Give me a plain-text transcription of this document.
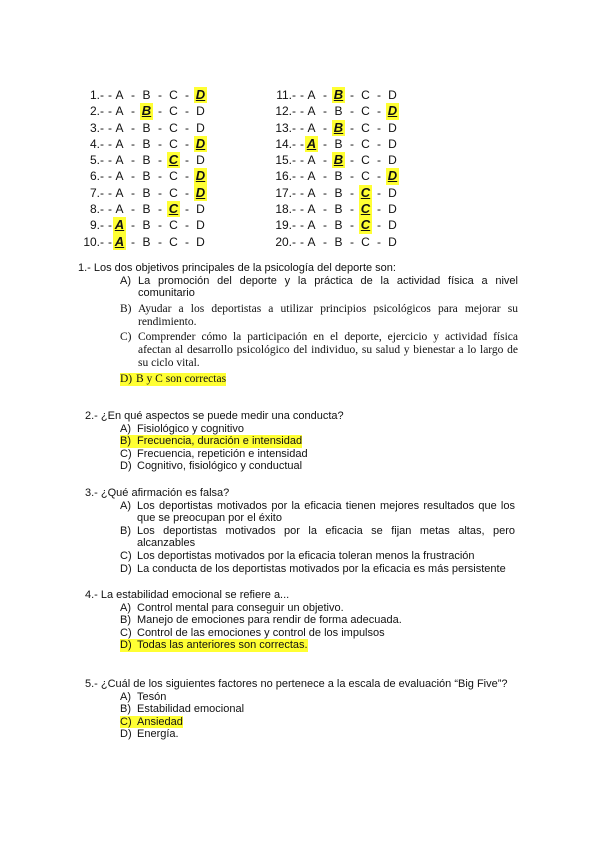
1.- - A - B - C - D
2.- - A - B - C - D
3.- - A - B - C - D
4.- - A - B - C - D
5.- - A - B - C - D
6.- - A - B - C - D
7.- - A - B - C - D
8.- - A - B - C - D
9.- - A - B - C - D
10.- - A - B - C - D
11.- - A - B - C - D
12.- - A - B - C - D
13.- - A - B - C - D
14.- - A - B - C - D
15.- - A - B - C - D
16.- - A - B - C - D
17.- - A - B - C - D
18.- - A - B - C - D
19.- - A - B - C - D
20.- - A - B - C - D
1.- Los dos objetivos principales de la psicología del deporte son:
A) La promoción del deporte y la práctica de la actividad física a nivel comunitario
B) Ayudar a los deportistas a utilizar principios psicológicos para mejorar su rendimiento.
C) Comprender cómo la participación en el deporte, ejercicio y actividad física afectan al desarrollo psicológico del individuo, su salud y bienestar a lo largo de su ciclo vital.
D) B y C son correctas
2.- ¿En qué aspectos se puede medir una conducta?
A) Fisiológico y cognitivo
B) Frecuencia, duración e intensidad
C) Frecuencia, repetición e intensidad
D) Cognitivo, fisiológico y conductual
3.- ¿Qué afirmación es falsa?
A) Los deportistas motivados por la eficacia tienen mejores resultados que los que se preocupan por el éxito
B) Los deportistas motivados por la eficacia se fijan metas altas, pero alcanzables
C) Los deportistas motivados por la eficacia toleran menos la frustración
D) La conducta de los deportistas motivados por la eficacia es más persistente
4.- La estabilidad emocional se refiere a...
A) Control mental para conseguir un objetivo.
B) Manejo de emociones para rendir de forma adecuada.
C) Control de las emociones y control de los impulsos
D) Todas las anteriores son correctas.
5.- ¿Cuál de los siguientes factores no pertenece a la escala de evaluación “Big Five”?
A) Tesón
B) Estabilidad emocional
C) Ansiedad
D) Energía.
